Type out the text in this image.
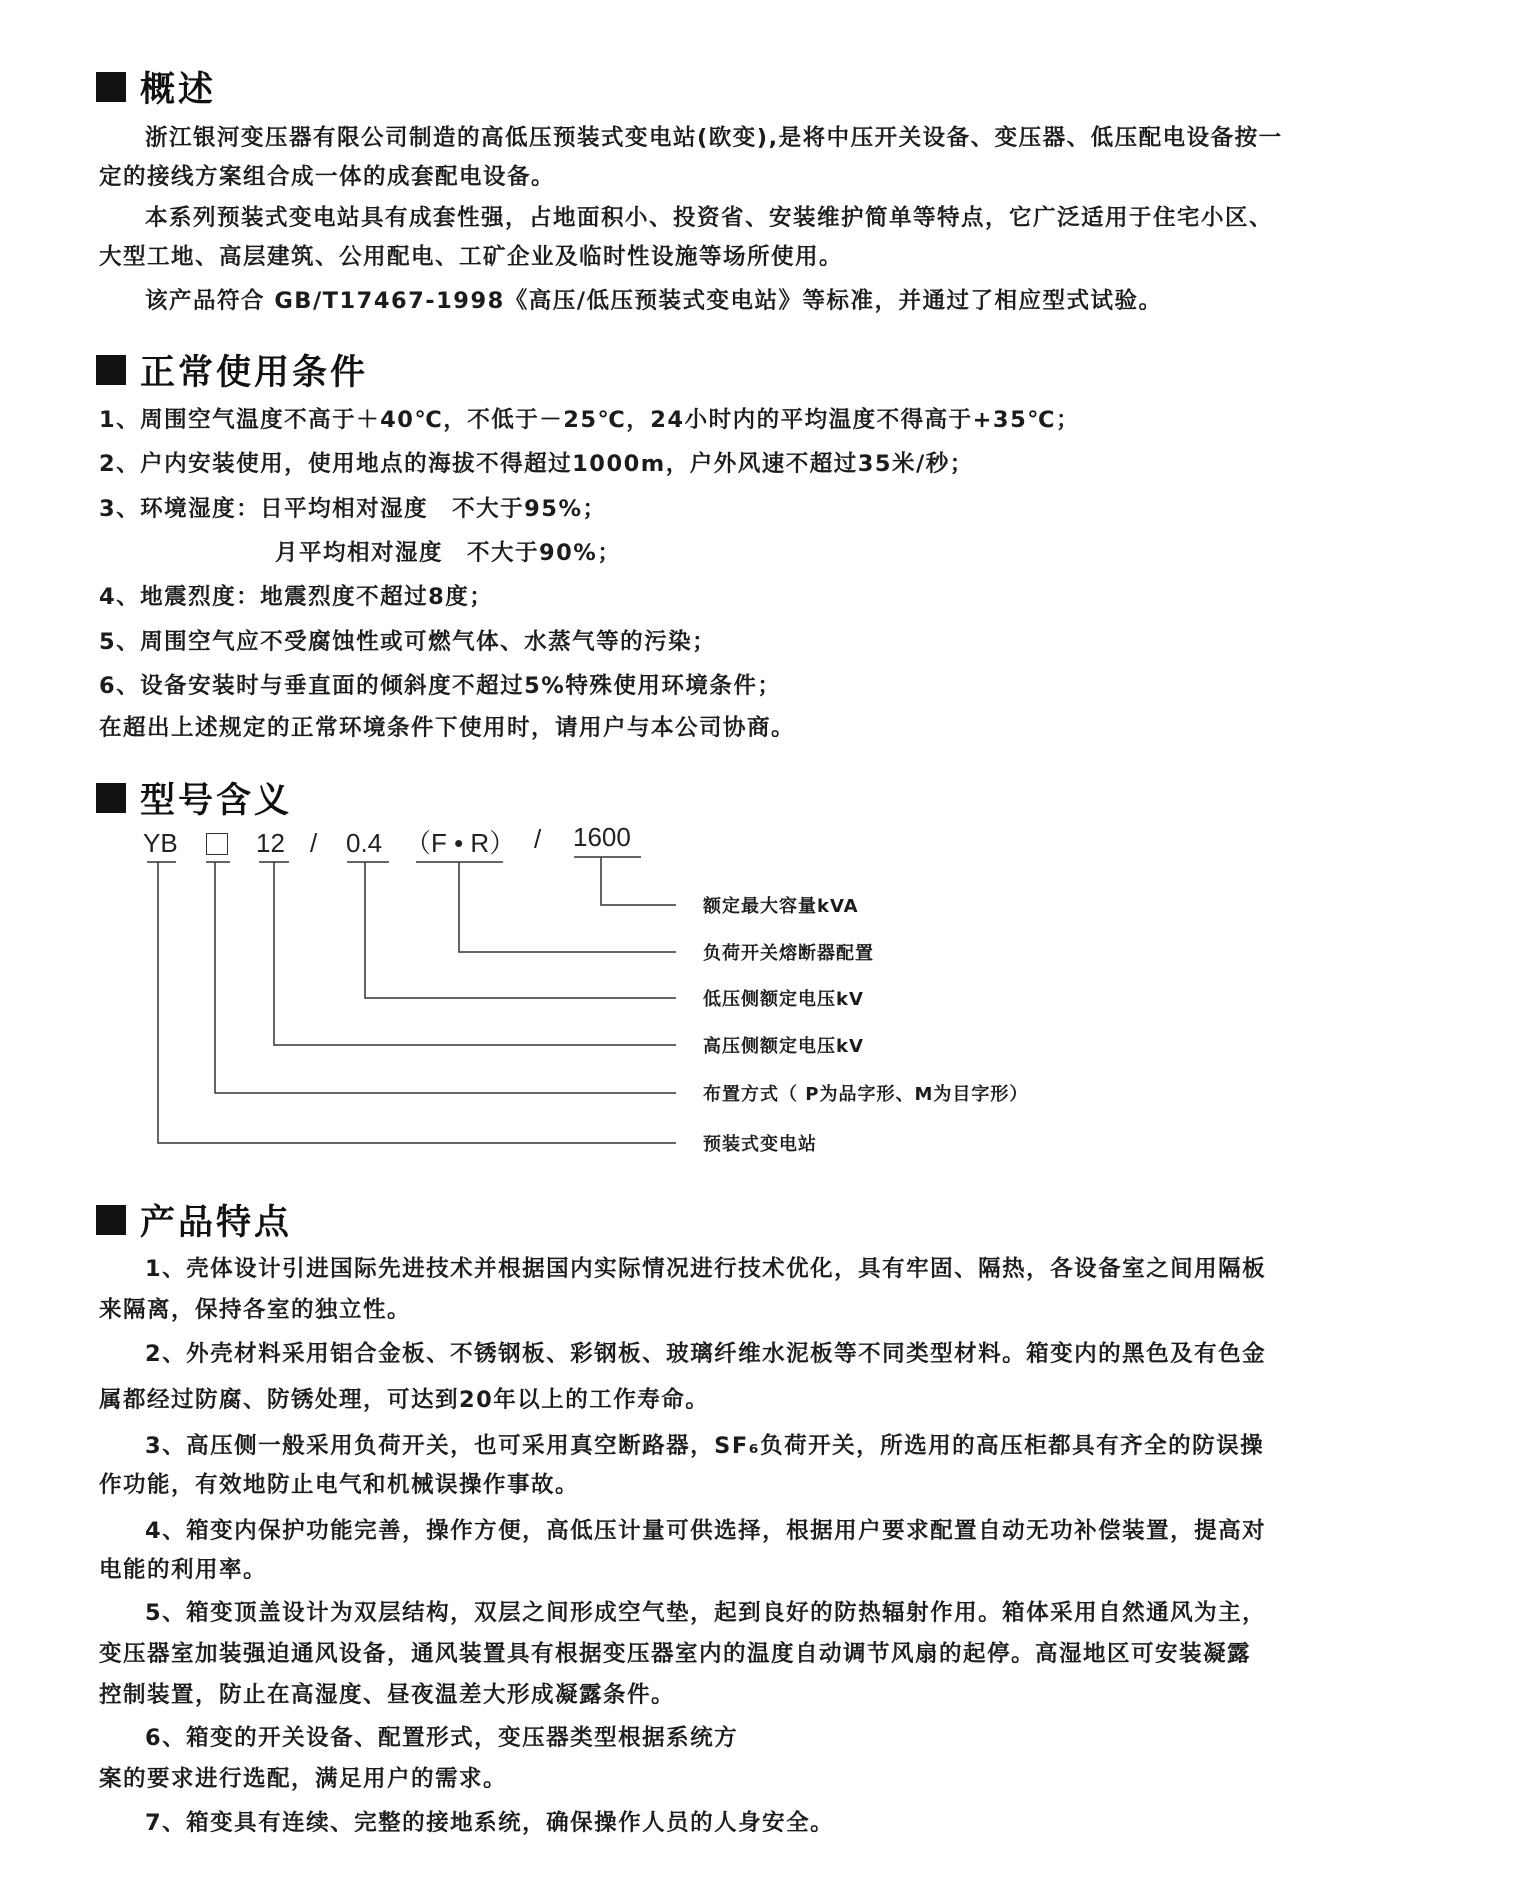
概述
浙江银河变压器有限公司制造的高低压预装式变电站(欧变),是将中压开关设备、变压器、低压配电设备按一
定的接线方案组合成一体的成套配电设备。
本系列预装式变电站具有成套性强，占地面积小、投资省、安装维护简单等特点，它广泛适用于住宅小区、
大型工地、高层建筑、公用配电、工矿企业及临时性设施等场所使用。
该产品符合 GB/T17467-1998《高压/低压预装式变电站》等标准，并通过了相应型式试验。
正常使用条件
1、周围空气温度不高于＋40℃，不低于－25℃，24小时内的平均温度不得高于+35℃；
2、户内安装使用，使用地点的海拔不得超过1000m，户外风速不超过35米/秒；
3、环境湿度：日平均相对湿度　不大于95%；
月平均相对湿度　不大于90%；
4、地震烈度：地震烈度不超过8度；
5、周围空气应不受腐蚀性或可燃气体、水蒸气等的污染；
6、设备安装时与垂直面的倾斜度不超过5%特殊使用环境条件；
在超出上述规定的正常环境条件下使用时，请用户与本公司协商。
型号含义
YB	12 / 0.4 （F • R） / 1600
额定最大容量kVA
负荷开关熔断器配置
低压侧额定电压kV
高压侧额定电压kV
布置方式（ P为品字形、M为目字形）
预装式变电站
产品特点
1、壳体设计引进国际先进技术并根据国内实际情况进行技术优化，具有牢固、隔热，各设备室之间用隔板
来隔离，保持各室的独立性。
2、外壳材料采用铝合金板、不锈钢板、彩钢板、玻璃纤维水泥板等不同类型材料。箱变内的黑色及有色金
属都经过防腐、防锈处理，可达到20年以上的工作寿命。
3、高压侧一般采用负荷开关，也可采用真空断路器，SF₆负荷开关，所选用的高压柜都具有齐全的防误操
作功能，有效地防止电气和机械误操作事故。
4、箱变内保护功能完善，操作方便，高低压计量可供选择，根据用户要求配置自动无功补偿装置，提高对
电能的利用率。
5、箱变顶盖设计为双层结构，双层之间形成空气垫，起到良好的防热辐射作用。箱体采用自然通风为主，
变压器室加装强迫通风设备，通风装置具有根据变压器室内的温度自动调节风扇的起停。高湿地区可安装凝露
控制装置，防止在高湿度、昼夜温差大形成凝露条件。
6、箱变的开关设备、配置形式，变压器类型根据系统方
案的要求进行选配，满足用户的需求。
7、箱变具有连续、完整的接地系统，确保操作人员的人身安全。
